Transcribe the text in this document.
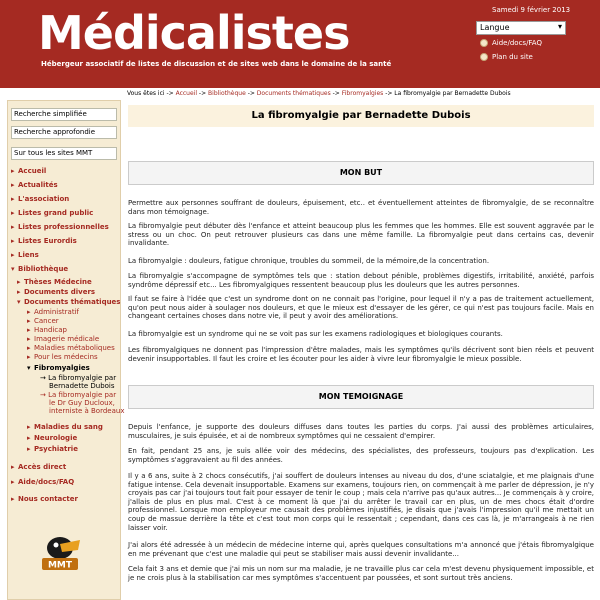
Médicalistes
Hébergeur associatif de listes de discussion et de sites web dans le domaine de la santé
Samedi 9 février 2013
Langue	▾
Aide/docs/FAQ
Plan du site
Recherche simplifiée
Recherche approfondie
Sur tous les sites MMT
▸ Accueil
▸ Actualités
▸ L'association
▸ Listes grand public
▸ Listes professionnelles
▸ Listes Eurordis
▸ Liens
▾ Bibliothèque
▸ Thèses Médecine
▸ Documents divers
▾ Documents thématiques
▸ Administratif
▸ Cancer
▸ Handicap
▸ Imagerie médicale
▸ Maladies métaboliques
▸ Pour les médecins
▾ Fibromyalgies
→ La fibromyalgie par
Bernadette Dubois
→ La fibromyalgie par
le Dr Guy Ducloux,
interniste à Bordeaux
▸ Maladies du sang
▸ Neurologie
▸ Psychiatrie
▸ Accès direct
▸ Aide/docs/FAQ
▸ Nous contacter
MMT
Vous êtes ici -> Accueil -> Bibliothèque -> Documents thématiques -> Fibromyalgies -> La fibromyalgie par Bernadette Dubois
La fibromyalgie par Bernadette Dubois
MON BUT
Permettre aux personnes souffrant de douleurs, épuisement, etc.. et éventuellement atteintes de fibromyalgie, de se reconnaître dans mon témoignage.
La fibromyalgie peut débuter dès l'enfance et atteint beaucoup plus les femmes que les hommes. Elle est souvent aggravée par le stress ou un choc. On peut retrouver plusieurs cas dans une même famille. La fibromyalgie peut dans certains cas, devenir invalidante.
La fibromyalgie : douleurs, fatigue chronique, troubles du sommeil, de la mémoire,de la concentration.
La fibromyalgie s'accompagne de symptômes tels que : station debout pénible, problèmes digestifs, irritabilité, anxiété, parfois syndrôme dépressif etc... Les fibromyalgiques ressentent beaucoup plus les douleurs que les autres personnes.
Il faut se faire à l'idée que c'est un syndrome dont on ne connait pas l'origine, pour lequel il n'y a pas de traitement actuellement, qu'on peut nous aider à soulager nos douleurs, et que le mieux est d'essayer de les gérer, ce qui n'est pas toujours facile. Mais en changeant certaines choses dans notre vie, il peut y avoir des améliorations.
La fibromyalgie est un syndrome qui ne se voit pas sur les examens radiologiques et biologiques courants.
Les fibromyalgiques ne donnent pas l'impression d'être malades, mais les symptômes qu'ils décrivent sont bien réels et peuvent devenir insupportables. Il faut les croire et les écouter pour les aider à vivre leur fibromyalgie le mieux possible.
MON TEMOIGNAGE
Depuis l'enfance, je supporte des douleurs diffuses dans toutes les parties du corps. J'ai aussi des problèmes articulaires, musculaires, je suis épuisée, et ai de nombreux symptômes qui ne cessaient d'empirer.
En fait, pendant 25 ans, je suis allée voir des médecins, des spécialistes, des professeurs, toujours pas d'explication. Les symptômes s'aggravaient au fil des années.
Il y a 6 ans, suite à 2 chocs consécutifs, j'ai souffert de douleurs intenses au niveau du dos, d'une sciatalgie, et me plaignais d'une fatigue intense. Cela devenait insupportable. Examens sur examens, toujours rien, on commençait à me parler de dépression, je n'y croyais pas car j'ai toujours tout fait pour essayer de tenir le coup ; mais cela n'arrive pas qu'aux autres... Je commençais à y croire, j'allais de plus en plus mal. C'est à ce moment là que j'ai du arrêter le travail car en plus, un de mes chocs était d'ordre professionnel. Lorsque mon employeur me causait des problèmes injustifiés, je disais que j'avais l'impression qu'il me mettait un coup de massue derrière la tête et c'est tout mon corps qui le ressentait ; cependant, dans ces cas là, je m'arrangeais à ne rien laisser voir.
J'ai alors été adressée à un médecin de médecine interne qui, après quelques consultations m'a annoncé que j'étais fibromyalgique en me prévenant que c'est une maladie qui peut se stabiliser mais aussi devenir invalidante...
Cela fait 3 ans et demie que j'ai mis un nom sur ma maladie, je ne travaille plus car cela m'est devenu physiquement impossible, et je ne crois plus à la stabilisation car mes symptômes s'accentuent par poussées, et sont surtout très anciens.
